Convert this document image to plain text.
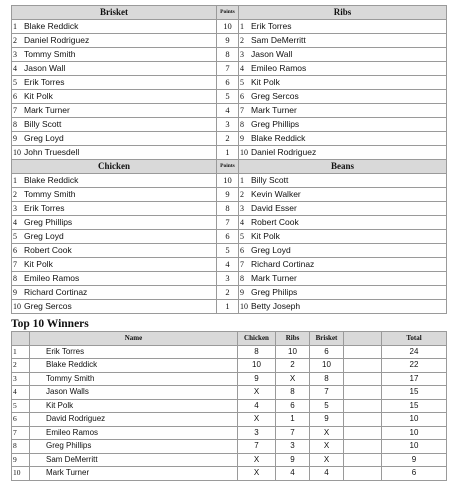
Brisket	Points	Ribs
1 Blake Reddick	10	1 Erik Torres
2 Daniel Rodriguez	9	2 Sam DeMerritt
3 Tommy Smith	8	3 Jason Wall
4 Jason Wall	7	4 Emileo Ramos
5 Erik Torres	6	5 Kit Polk
6 Kit Polk	5	6 Greg Sercos
7 Mark Turner	4	7 Mark Turner
8 Billy Scott	3	8 Greg Phillips
9 Greg Loyd	2	9 Blake Reddick
10 John Truesdell	1	10 Daniel Rodriguez
Chicken	Points	Beans
1 Blake Reddick	10	1 Billy Scott
2 Tommy Smith	9	2 Kevin Walker
3 Erik Torres	8	3 David Esser
4 Greg Phillips	7	4 Robert Cook
5 Greg Loyd	6	5 Kit Polk
6 Robert Cook	5	6 Greg Loyd
7 Kit Polk	4	7 Richard Cortinaz
8 Emileo Ramos	3	8 Mark Turner
9 Richard Cortinaz	2	9 Greg Philips
10 Greg Sercos	1	10 Betty Joseph
Top 10 Winners
	Name	Chicken	Ribs	Brisket		Total
1	Erik Torres	8	10	6		24
2	Blake Reddick	10	2	10		22
3	Tommy Smith	9	X	8		17
4	Jason Walls	X	8	7		15
5	Kit Polk	4	6	5		15
6	David Rodriguez	X	1	9		10
7	Emileo Ramos	3	7	X		10
8	Greg Phillips	7	3	X		10
9	Sam DeMerritt	X	9	X		9
10	Mark Turner	X	4	4		6
